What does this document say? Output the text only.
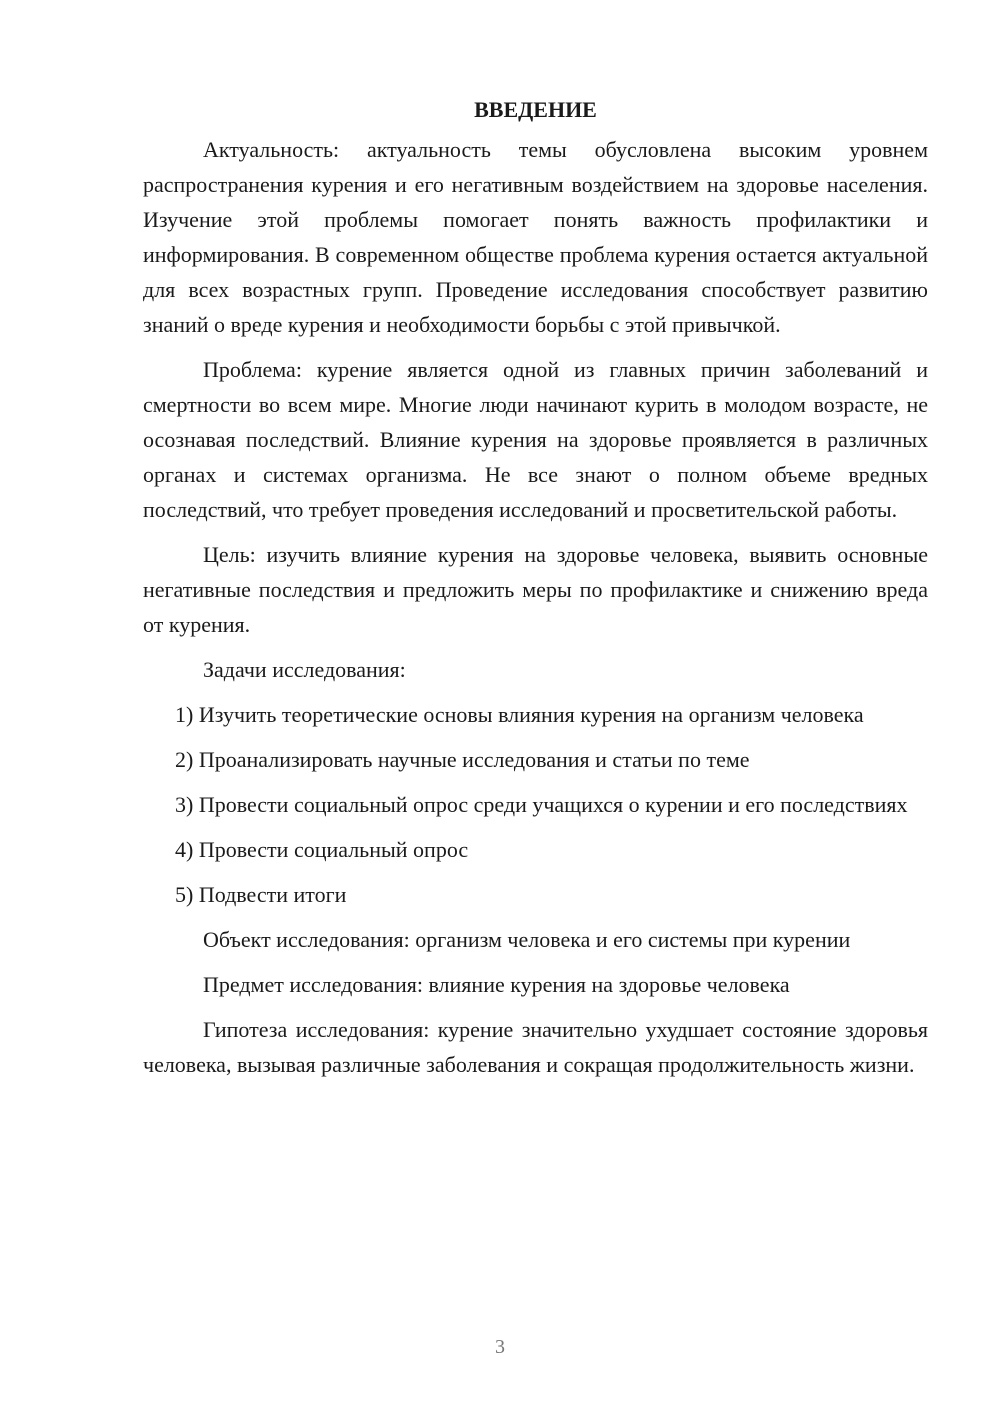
ВВЕДЕНИЕ

Актуальность: актуальность темы обусловлена высоким уровнем распространения курения и его негативным воздействием на здоровье населения. Изучение этой проблемы помогает понять важность профилактики и информирования. В современном обществе проблема курения остается актуальной для всех возрастных групп. Проведение исследования способствует развитию знаний о вреде курения и необходимости борьбы с этой привычкой.

Проблема: курение является одной из главных причин заболеваний и смертности во всем мире. Многие люди начинают курить в молодом возрасте, не осознавая последствий. Влияние курения на здоровье проявляется в различных органах и системах организма. Не все знают о полном объеме вредных последствий, что требует проведения исследований и просветительской работы.

Цель: изучить влияние курения на здоровье человека, выявить основные негативные последствия и предложить меры по профилактике и снижению вреда от курения.

Задачи исследования:

1) Изучить теоретические основы влияния курения на организм человека

2) Проанализировать научные исследования и статьи по теме

3) Провести социальный опрос среди учащихся о курении и его последствиях

4) Провести социальный опрос

5) Подвести итоги

Объект исследования: организм человека и его системы при курении

Предмет исследования: влияние курения на здоровье человека

Гипотеза исследования: курение значительно ухудшает состояние здоровья человека, вызывая различные заболевания и сокращая продолжительность жизни.

3
